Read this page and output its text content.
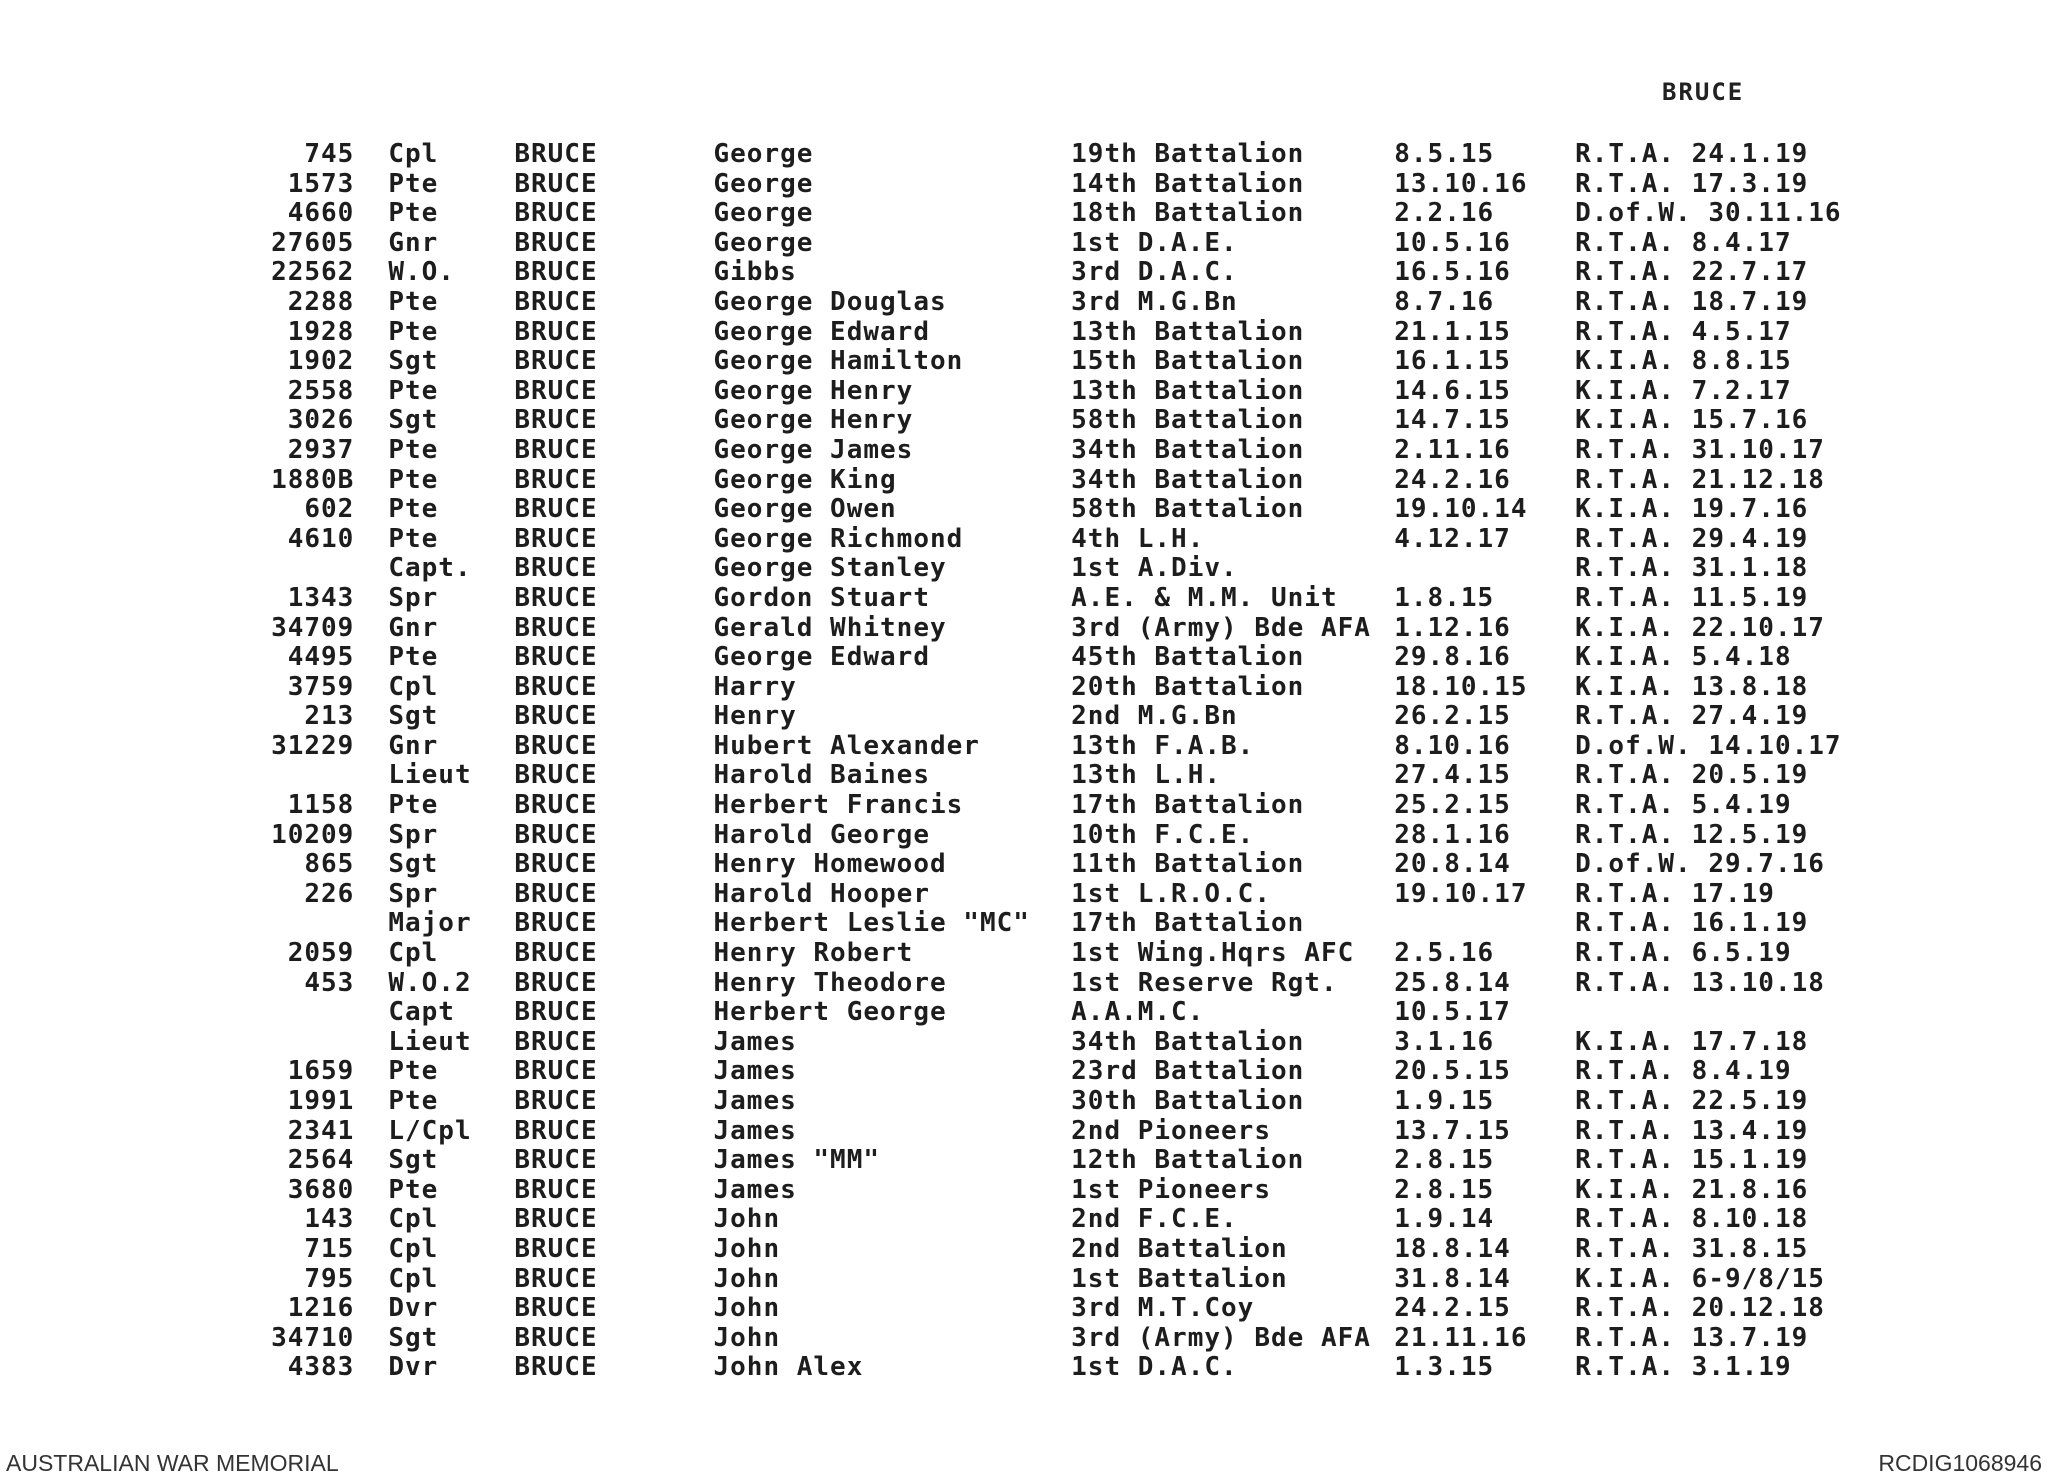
BRUCE
745	Cpl	BRUCE	George	19th Battalion	8.5.15	R.T.A. 24.1.19
1573	Pte	BRUCE	George	14th Battalion	13.10.16	R.T.A. 17.3.19
4660	Pte	BRUCE	George	18th Battalion	2.2.16	D.of.W. 30.11.16
27605	Gnr	BRUCE	George	1st D.A.E.	10.5.16	R.T.A. 8.4.17
22562	W.O.	BRUCE	Gibbs	3rd D.A.C.	16.5.16	R.T.A. 22.7.17
2288	Pte	BRUCE	George Douglas	3rd M.G.Bn	8.7.16	R.T.A. 18.7.19
1928	Pte	BRUCE	George Edward	13th Battalion	21.1.15	R.T.A. 4.5.17
1902	Sgt	BRUCE	George Hamilton	15th Battalion	16.1.15	K.I.A. 8.8.15
2558	Pte	BRUCE	George Henry	13th Battalion	14.6.15	K.I.A. 7.2.17
3026	Sgt	BRUCE	George Henry	58th Battalion	14.7.15	K.I.A. 15.7.16
2937	Pte	BRUCE	George James	34th Battalion	2.11.16	R.T.A. 31.10.17
1880B	Pte	BRUCE	George King	34th Battalion	24.2.16	R.T.A. 21.12.18
602	Pte	BRUCE	George Owen	58th Battalion	19.10.14	K.I.A. 19.7.16
4610	Pte	BRUCE	George Richmond	4th L.H.	4.12.17	R.T.A. 29.4.19
	Capt.	BRUCE	George Stanley	1st A.Div.		R.T.A. 31.1.18
1343	Spr	BRUCE	Gordon Stuart	A.E. & M.M. Unit	1.8.15	R.T.A. 11.5.19
34709	Gnr	BRUCE	Gerald Whitney	3rd (Army) Bde AFA	1.12.16	K.I.A. 22.10.17
4495	Pte	BRUCE	George Edward	45th Battalion	29.8.16	K.I.A. 5.4.18
3759	Cpl	BRUCE	Harry	20th Battalion	18.10.15	K.I.A. 13.8.18
213	Sgt	BRUCE	Henry	2nd M.G.Bn	26.2.15	R.T.A. 27.4.19
31229	Gnr	BRUCE	Hubert Alexander	13th F.A.B.	8.10.16	D.of.W. 14.10.17
	Lieut	BRUCE	Harold Baines	13th L.H.	27.4.15	R.T.A. 20.5.19
1158	Pte	BRUCE	Herbert Francis	17th Battalion	25.2.15	R.T.A. 5.4.19
10209	Spr	BRUCE	Harold George	10th F.C.E.	28.1.16	R.T.A. 12.5.19
865	Sgt	BRUCE	Henry Homewood	11th Battalion	20.8.14	D.of.W. 29.7.16
226	Spr	BRUCE	Harold Hooper	1st L.R.O.C.	19.10.17	R.T.A. 17.19
	Major	BRUCE	Herbert Leslie "MC"	17th Battalion		R.T.A. 16.1.19
2059	Cpl	BRUCE	Henry Robert	1st Wing.Hqrs AFC	2.5.16	R.T.A. 6.5.19
453	W.O.2	BRUCE	Henry Theodore	1st Reserve Rgt.	25.8.14	R.T.A. 13.10.18
	Capt	BRUCE	Herbert George	A.A.M.C.	10.5.17	
	Lieut	BRUCE	James	34th Battalion	3.1.16	K.I.A. 17.7.18
1659	Pte	BRUCE	James	23rd Battalion	20.5.15	R.T.A. 8.4.19
1991	Pte	BRUCE	James	30th Battalion	1.9.15	R.T.A. 22.5.19
2341	L/Cpl	BRUCE	James	2nd Pioneers	13.7.15	R.T.A. 13.4.19
2564	Sgt	BRUCE	James "MM"	12th Battalion	2.8.15	R.T.A. 15.1.19
3680	Pte	BRUCE	James	1st Pioneers	2.8.15	K.I.A. 21.8.16
143	Cpl	BRUCE	John	2nd F.C.E.	1.9.14	R.T.A. 8.10.18
715	Cpl	BRUCE	John	2nd Battalion	18.8.14	R.T.A. 31.8.15
795	Cpl	BRUCE	John	1st Battalion	31.8.14	K.I.A. 6-9/8/15
1216	Dvr	BRUCE	John	3rd M.T.Coy	24.2.15	R.T.A. 20.12.18
34710	Sgt	BRUCE	John	3rd (Army) Bde AFA	21.11.16	R.T.A. 13.7.19
4383	Dvr	BRUCE	John Alex	1st D.A.C.	1.3.15	R.T.A. 3.1.19
AUSTRALIAN WAR MEMORIAL	RCDIG1068946
